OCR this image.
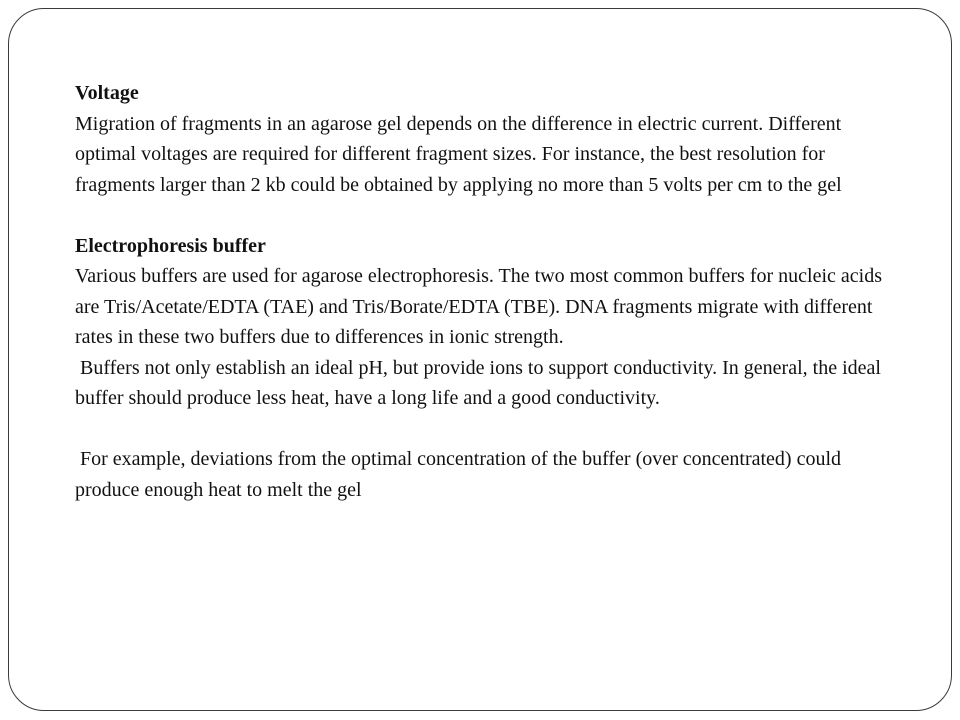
Voltage

Migration of fragments in an agarose gel depends on the difference in electric current. Different optimal voltages are required for different fragment sizes. For instance, the best resolution for fragments larger than 2 kb could be obtained by applying no more than 5 volts per cm to the gel

Electrophoresis buffer

Various buffers are used for agarose electrophoresis. The two most common buffers for nucleic acids are Tris/Acetate/EDTA (TAE) and Tris/Borate/EDTA (TBE). DNA fragments migrate with different rates in these two buffers due to differences in ionic strength.

Buffers not only establish an ideal pH, but provide ions to support conductivity. In general, the ideal buffer should produce less heat, have a long life and a good conductivity.

For example, deviations from the optimal concentration of the buffer (over concentrated) could produce enough heat to melt the gel
